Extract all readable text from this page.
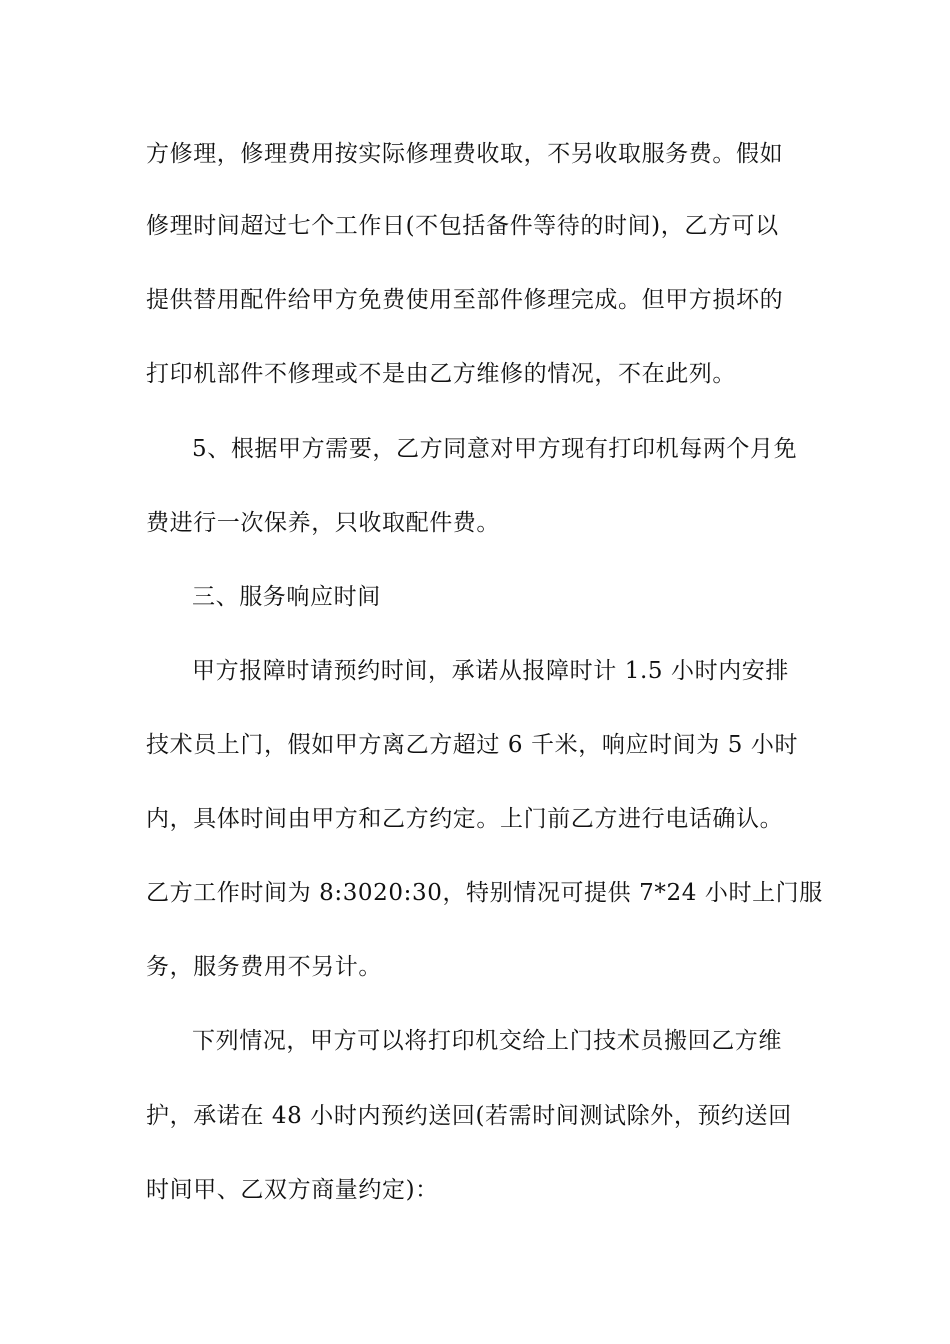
方修理，修理费用按实际修理费收取，不另收取服务费。假如
修理时间超过七个工作日(不包括备件等待的时间)，乙方可以
提供替用配件给甲方免费使用至部件修理完成。但甲方损坏的
打印机部件不修理或不是由乙方维修的情况，不在此列。
5、根据甲方需要，乙方同意对甲方现有打印机每两个月免
费进行一次保养，只收取配件费。
三、服务响应时间
甲方报障时请预约时间，承诺从报障时计 1.5 小时内安排
技术员上门，假如甲方离乙方超过 6 千米，响应时间为 5 小时
内，具体时间由甲方和乙方约定。上门前乙方进行电话确认。
乙方工作时间为 8:3020:30，特别情况可提供 7*24 小时上门服
务，服务费用不另计。
下列情况，甲方可以将打印机交给上门技术员搬回乙方维
护，承诺在 48 小时内预约送回(若需时间测试除外，预约送回
时间甲、乙双方商量约定)：
